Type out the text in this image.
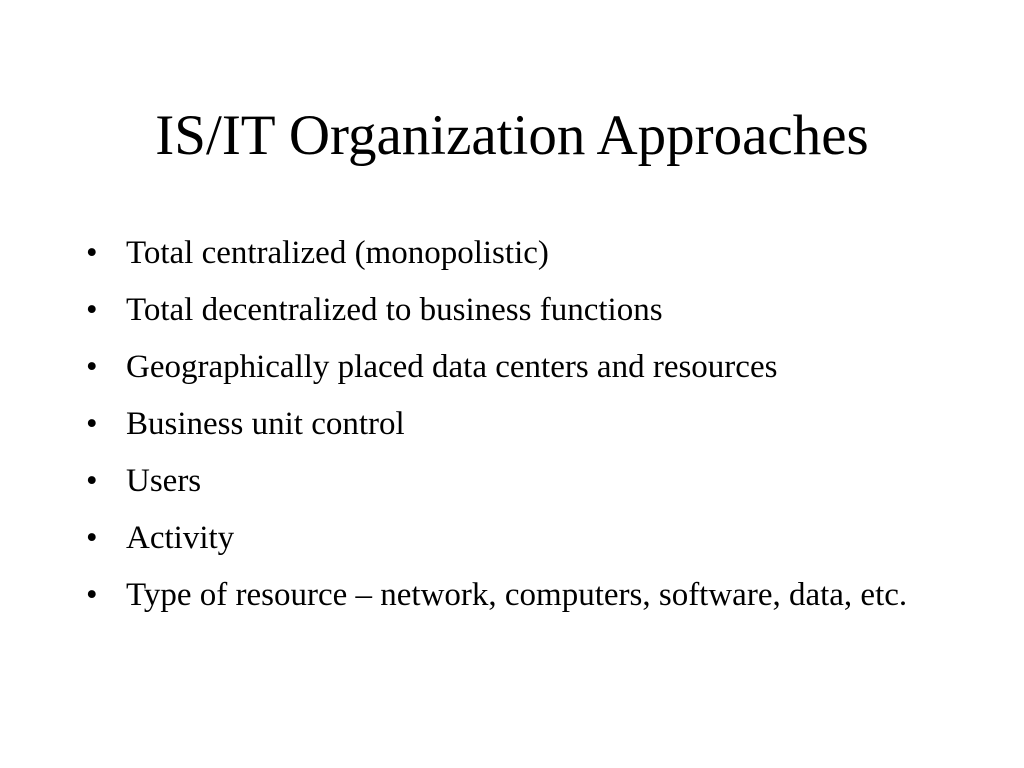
IS/IT Organization Approaches
• Total centralized (monopolistic)
• Total decentralized to business functions
• Geographically placed data centers and resources
• Business unit control
• Users
• Activity
• Type of resource – network, computers, software, data, etc.
